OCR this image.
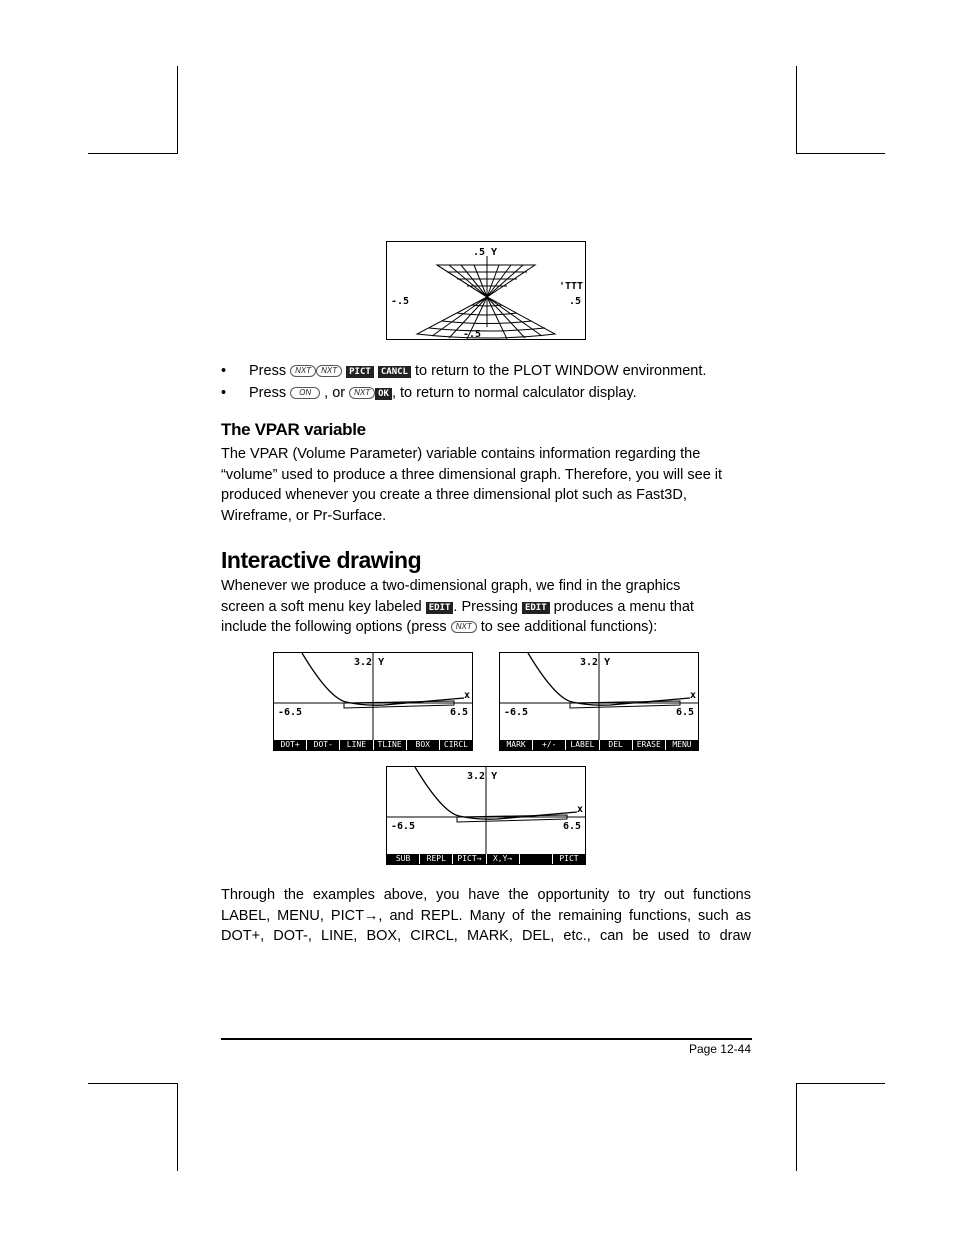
.5 Y
-.5
'TTT
.5
-.5
• Press NXT NXT PICT CANCL to return to the PLOT WINDOW environment.
• Press ON , or NXT OK , to return to normal calculator display.
The VPAR variable
The VPAR (Volume Parameter) variable contains information regarding the “volume” used to produce a three dimensional graph. Therefore, you will see it produced whenever you create a three dimensional plot such as Fast3D, Wireframe, or Pr-Surface.
Interactive drawing
Whenever we produce a two-dimensional graph, we find in the graphics
screen a soft menu key labeled EDIT . Pressing EDIT produces a menu that
include the following options (press NXT to see additional functions):
3.2 Y
x
-6.5	6.5
DOT+	DOT-	LINE	TLINE	BOX	CIRCL
3.2 Y
x
-6.5	6.5
MARK	+/-	LABEL	DEL	ERASE	MENU
3.2 Y
x
-6.5	6.5
SUB	REPL	PICT→	X,Y→	PICT
Through the examples above, you have the opportunity to try out functions
LABEL, MENU, PICT→, and REPL. Many of the remaining functions, such as
DOT+, DOT-, LINE, BOX, CIRCL, MARK, DEL, etc., can be used to draw
Page 12-44
